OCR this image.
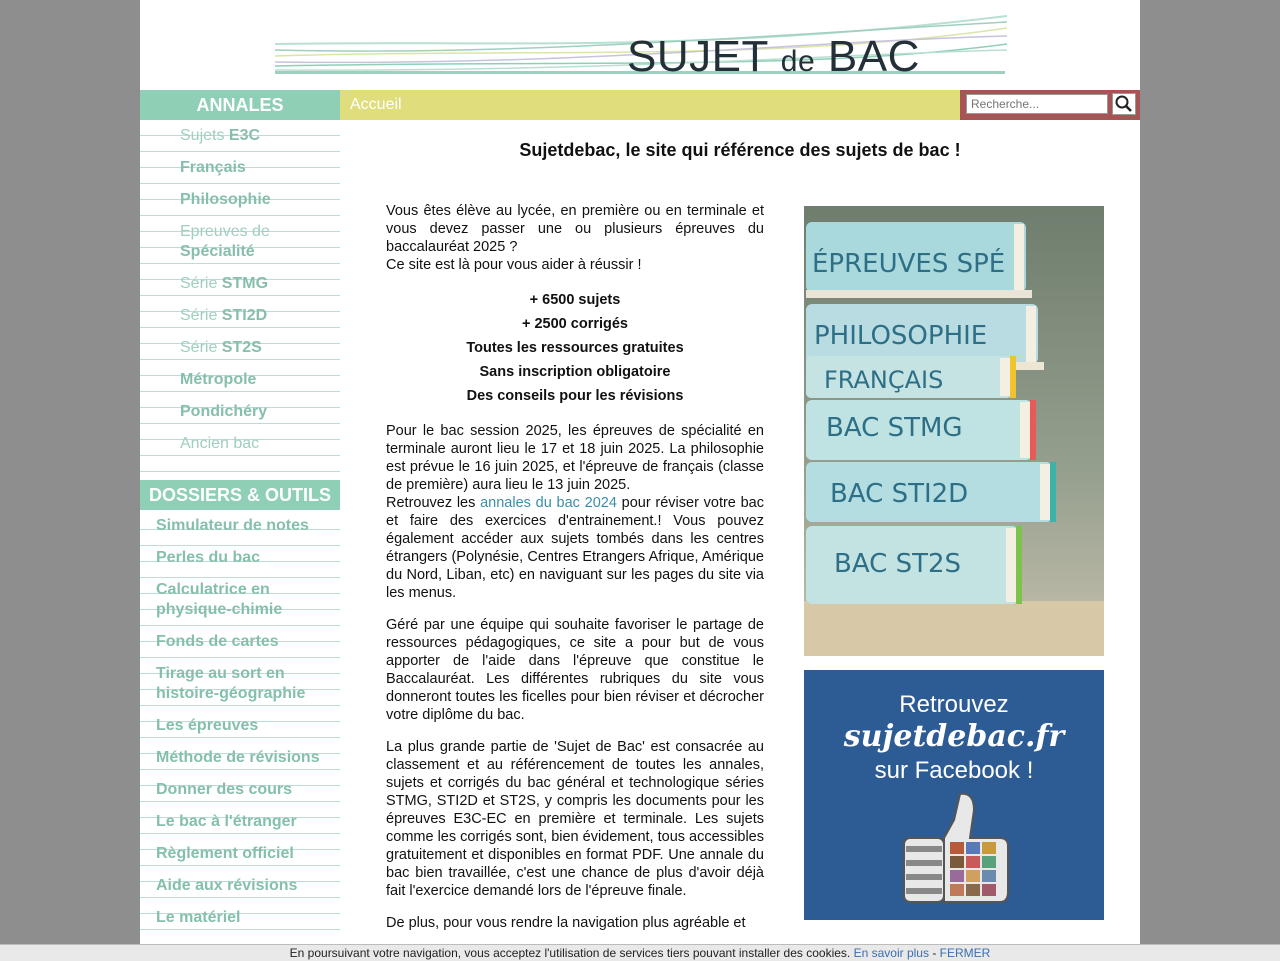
SUJET de BAC
ANNALES	Accueil
Recherche...
Sujets E3C
Français
Philosophie
Epreuves de
Spécialité
Série STMG
Série STI2D
Série ST2S
Métropole
Pondichéry
Ancien bac
DOSSIERS & OUTILS
Simulateur de notes
Perles du bac
Calculatrice en physique-chimie
Fonds de cartes
Tirage au sort en histoire-géographie
Les épreuves
Méthode de révisions
Donner des cours
Le bac à l'étranger
Règlement officiel
Aide aux révisions
Le matériel
Sujetdebac, le site qui référence des sujets de bac !

Vous êtes élève au lycée, en première ou en terminale et vous devez passer une ou plusieurs épreuves du baccalauréat 2025 ?

Ce site est là pour vous aider à réussir !

+ 6500 sujets
+ 2500 corrigés
Toutes les ressources gratuites
Sans inscription obligatoire
Des conseils pour les révisions

Pour le bac session 2025, les épreuves de spécialité en terminale auront lieu le 17 et 18 juin 2025. La philosophie est prévue le 16 juin 2025, et l'épreuve de français (classe de première) aura lieu le 13 juin 2025.

Retrouvez les annales du bac 2024 pour réviser votre bac et faire des exercices d'entrainement.! Vous pouvez également accéder aux sujets tombés dans les centres étrangers (Polynésie, Centres Etrangers Afrique, Amérique du Nord, Liban, etc) en naviguant sur les pages du site via les menus.

Géré par une équipe qui souhaite favoriser le partage de ressources pédagogiques, ce site a pour but de vous apporter de l'aide dans l'épreuve que constitue le Baccalauréat. Les différentes rubriques du site vous donneront toutes les ficelles pour bien réviser et décrocher votre diplôme du bac.

La plus grande partie de 'Sujet de Bac' est consacrée au classement et au référencement de toutes les annales, sujets et corrigés du bac général et technologique séries STMG, STI2D et ST2S, y compris les documents pour les épreuves E3C-EC en première et terminale. Les sujets comme les corrigés sont, bien évidement, tous accessibles gratuitement et disponibles en format PDF. Une annale du bac bien travaillée, c'est une chance de plus d'avoir déjà fait l'exercice demandé lors de l'épreuve finale.

De plus, pour vous rendre la navigation plus agréable et

ÉPREUVES SPÉ
PHILOSOPHIE
FRANÇAIS
BAC STMG
BAC STI2D
BAC ST2S
Retrouvez
sujetdebac.fr
sur Facebook !
En poursuivant votre navigation, vous acceptez l'utilisation de services tiers pouvant installer des cookies. En savoir plus - FERMER
